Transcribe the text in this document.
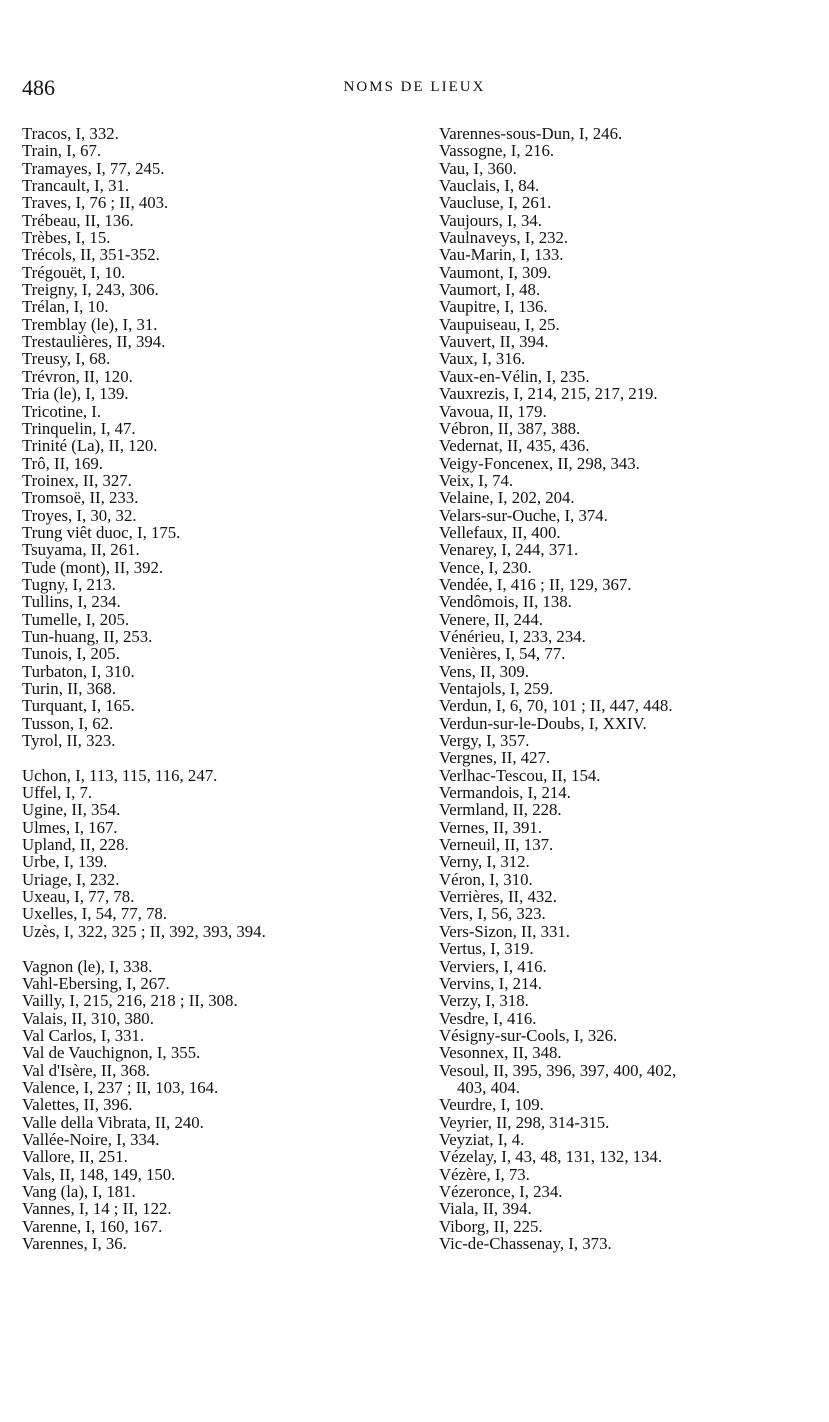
486	NOMS DE LIEUX
Tracos, I, 332.
Train, I, 67.
Tramayes, I, 77, 245.
Trancault, I, 31.
Traves, I, 76 ; II, 403.
Trébeau, II, 136.
Trèbes, I, 15.
Trécols, II, 351-352.
Trégouët, I, 10.
Treigny, I, 243, 306.
Trélan, I, 10.
Tremblay (le), I, 31.
Trestaulières, II, 394.
Treusy, I, 68.
Trévron, II, 120.
Tria (le), I, 139.
Tricotine, I.
Trinquelin, I, 47.
Trinité (La), II, 120.
Trô, II, 169.
Troinex, II, 327.
Tromsoë, II, 233.
Troyes, I, 30, 32.
Trung viêt duoc, I, 175.
Tsuyama, II, 261.
Tude (mont), II, 392.
Tugny, I, 213.
Tullins, I, 234.
Tumelle, I, 205.
Tun-huang, II, 253.
Tunois, I, 205.
Turbaton, I, 310.
Turin, II, 368.
Turquant, I, 165.
Tusson, I, 62.
Tyrol, II, 323.
Uchon, I, 113, 115, 116, 247.
Uffel, I, 7.
Ugine, II, 354.
Ulmes, I, 167.
Upland, II, 228.
Urbe, I, 139.
Uriage, I, 232.
Uxeau, I, 77, 78.
Uxelles, I, 54, 77, 78.
Uzès, I, 322, 325 ; II, 392, 393, 394.
Vagnon (le), I, 338.
Vahl-Ebersing, I, 267.
Vailly, I, 215, 216, 218 ; II, 308.
Valais, II, 310, 380.
Val Carlos, I, 331.
Val de Vauchignon, I, 355.
Val d'Isère, II, 368.
Valence, I, 237 ; II, 103, 164.
Valettes, II, 396.
Valle della Vibrata, II, 240.
Vallée-Noire, I, 334.
Vallore, II, 251.
Vals, II, 148, 149, 150.
Vang (la), I, 181.
Vannes, I, 14 ; II, 122.
Varenne, I, 160, 167.
Varennes, I, 36.
Varennes-sous-Dun, I, 246.
Vassogne, I, 216.
Vau, I, 360.
Vauclais, I, 84.
Vaucluse, I, 261.
Vaujours, I, 34.
Vaulnaveys, I, 232.
Vau-Marin, I, 133.
Vaumont, I, 309.
Vaumort, I, 48.
Vaupitre, I, 136.
Vaupuiseau, I, 25.
Vauvert, II, 394.
Vaux, I, 316.
Vaux-en-Vélin, I, 235.
Vauxrezis, I, 214, 215, 217, 219.
Vavoua, II, 179.
Vébron, II, 387, 388.
Vedernat, II, 435, 436.
Veigy-Foncenex, II, 298, 343.
Veix, I, 74.
Velaine, I, 202, 204.
Velars-sur-Ouche, I, 374.
Vellefaux, II, 400.
Venarey, I, 244, 371.
Vence, I, 230.
Vendée, I, 416 ; II, 129, 367.
Vendômois, II, 138.
Venere, II, 244.
Vénérieu, I, 233, 234.
Venières, I, 54, 77.
Vens, II, 309.
Ventajols, I, 259.
Verdun, I, 6, 70, 101 ; II, 447, 448.
Verdun-sur-le-Doubs, I, XXIV.
Vergy, I, 357.
Vergnes, II, 427.
Verlhac-Tescou, II, 154.
Vermandois, I, 214.
Vermland, II, 228.
Vernes, II, 391.
Verneuil, II, 137.
Verny, I, 312.
Véron, I, 310.
Verrières, II, 432.
Vers, I, 56, 323.
Vers-Sizon, II, 331.
Vertus, I, 319.
Verviers, I, 416.
Vervins, I, 214.
Verzy, I, 318.
Vesdre, I, 416.
Vésigny-sur-Cools, I, 326.
Vesonnex, II, 348.
Vesoul, II, 395, 396, 397, 400, 402,
403, 404.
Veurdre, I, 109.
Veyrier, II, 298, 314-315.
Veyziat, I, 4.
Vézelay, I, 43, 48, 131, 132, 134.
Vézère, I, 73.
Vézeronce, I, 234.
Viala, II, 394.
Viborg, II, 225.
Vic-de-Chassenay, I, 373.
